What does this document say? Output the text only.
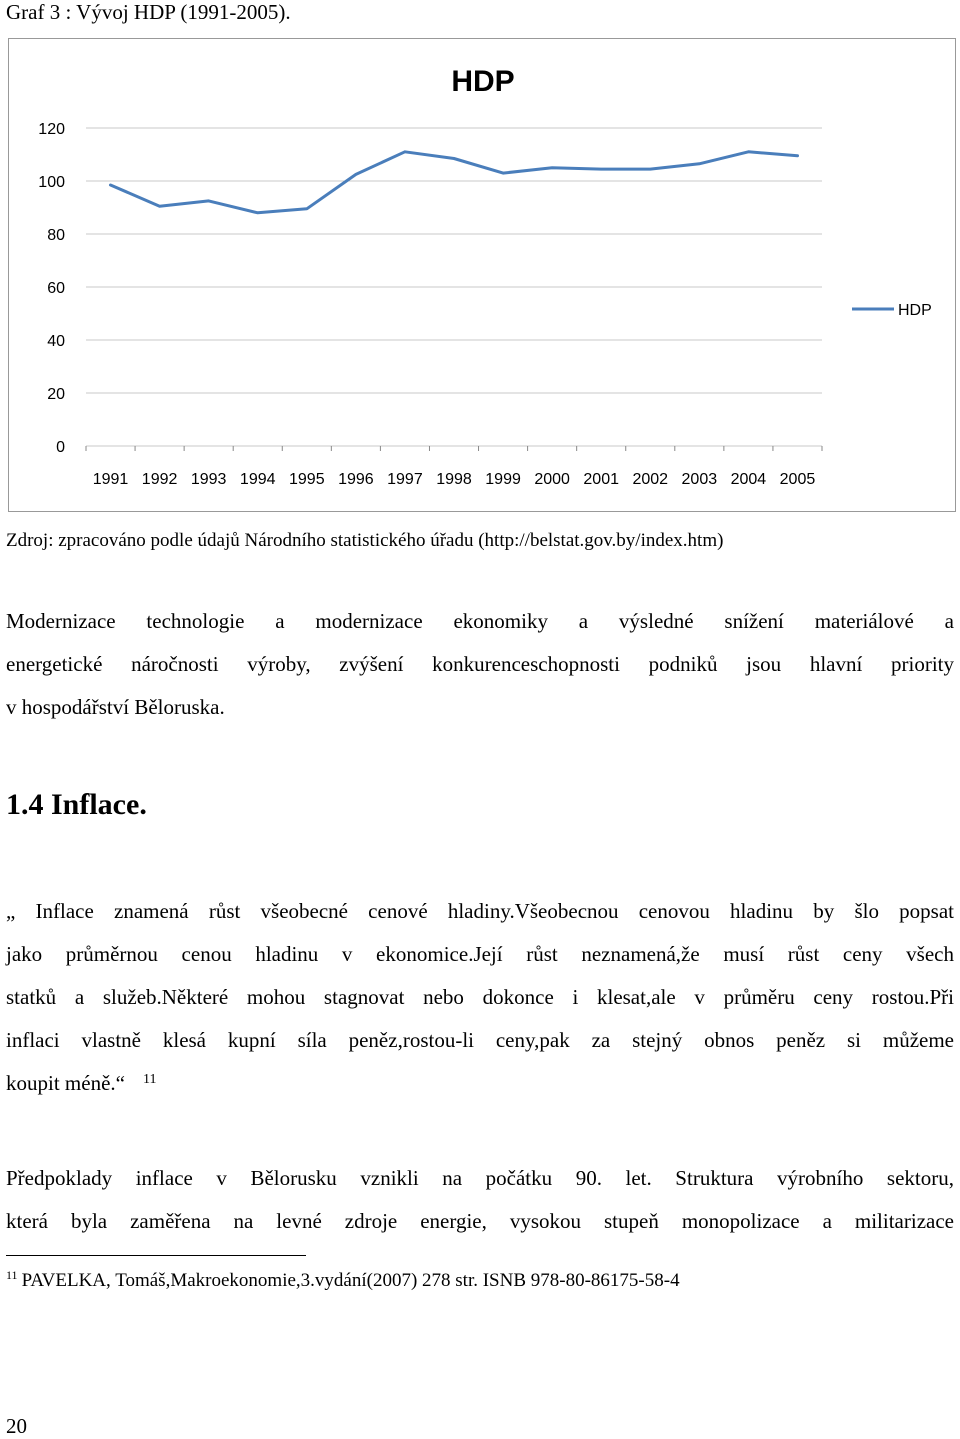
Graf 3 : Vývoj HDP (1991-2005).
HDP
0
20
40
60
80
100
120
1991 1992 1993 1994 1995 1996 1997 1998 1999 2000 2001 2002 2003 2004 2005
HDP
Zdroj: zpracováno podle údajů Národního statistického úřadu (http://belstat.gov.by/index.htm)
Modernizace technologie a modernizace ekonomiky a výsledné snížení materiálové a
energetické náročnosti výroby, zvýšení konkurenceschopnosti podniků jsou hlavní priority
v hospodářství Běloruska.
1.4 Inflace.
„ Inflace znamená růst všeobecné cenové hladiny.Všeobecnou cenovou hladinu by šlo popsat
jako průměrnou cenou hladinu v ekonomice.Její růst neznamená,že musí růst ceny všech
statků a služeb.Některé mohou stagnovat nebo dokonce i klesat,ale v průměru ceny rostou.Při
inflaci vlastně klesá kupní síla peněz,rostou-li ceny,pak za stejný obnos peněz si můžeme
koupit méně.“ $^{11}$
Předpoklady inflace v Bělorusku vznikli na počátku 90. let. Struktura výrobního sektoru,
která byla zaměřena na levné zdroje energie, vysokou stupeň monopolizace a militarizace
$^{11}$ PAVELKA, Tomáš,Makroekonomie,3.vydání(2007) 278 str. ISNB 978-80-86175-58-4
20
